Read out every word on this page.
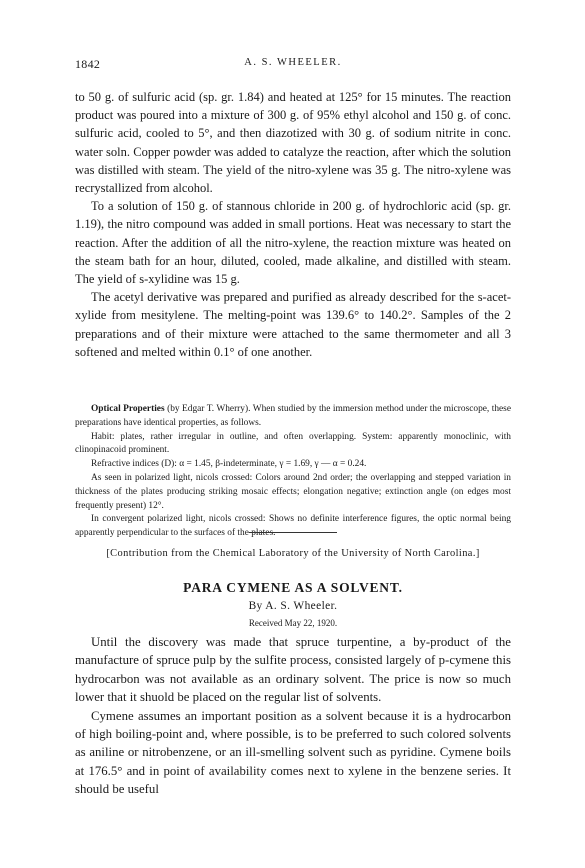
1842	A. S. WHEELER.

to 50 g. of sulfuric acid (sp. gr. 1.84) and heated at 125° for 15 minutes. The reaction product was poured into a mixture of 300 g. of 95% ethyl alcohol and 150 g. of conc. sulfuric acid, cooled to 5°, and then diazotized with 30 g. of sodium nitrite in conc. water soln. Copper powder was added to catalyze the reaction, after which the solution was distilled with steam. The yield of the nitro-xylene was 35 g. The nitro-xylene was recrystallized from alcohol.

To a solution of 150 g. of stannous chloride in 200 g. of hydrochloric acid (sp. gr. 1.19), the nitro compound was added in small portions. Heat was necessary to start the reaction. After the addition of all the nitro-xylene, the reaction mixture was heated on the steam bath for an hour, diluted, cooled, made alkaline, and distilled with steam. The yield of s-xylidine was 15 g.

The acetyl derivative was prepared and purified as already described for the s-acet-xylide from mesitylene. The melting-point was 139.6° to 140.2°. Samples of the 2 preparations and of their mixture were attached to the same thermometer and all 3 softened and melted within 0.1° of one another.

Optical Properties (by Edgar T. Wherry). When studied by the immersion method under the microscope, these preparations have identical properties, as follows.

Habit: plates, rather irregular in outline, and often overlapping. System: apparently monoclinic, with clinopinacoid prominent.

Refractive indices (D): α = 1.45, β-indeterminate, γ = 1.69, γ — α = 0.24.

As seen in polarized light, nicols crossed: Colors around 2nd order; the overlapping and stepped variation in thickness of the plates producing striking mosaic effects; elongation negative; extinction angle (on edges most frequently present) 12°.

In convergent polarized light, nicols crossed: Shows no definite interference figures, the optic normal being apparently perpendicular to the surfaces of the plates.

[Contribution from the Chemical Laboratory of the University of North Carolina.]
PARA CYMENE AS A SOLVENT.
By A. S. Wheeler.
Received May 22, 1920.

Until the discovery was made that spruce turpentine, a by-product of the manufacture of spruce pulp by the sulfite process, consisted largely of p-cymene this hydrocarbon was not available as an ordinary solvent. The price is now so much lower that it shuold be placed on the regular list of solvents.

Cymene assumes an important position as a solvent because it is a hydrocarbon of high boiling-point and, where possible, is to be preferred to such colored solvents as aniline or nitrobenzene, or an ill-smelling solvent such as pyridine. Cymene boils at 176.5° and in point of availability comes next to xylene in the benzene series. It should be useful
